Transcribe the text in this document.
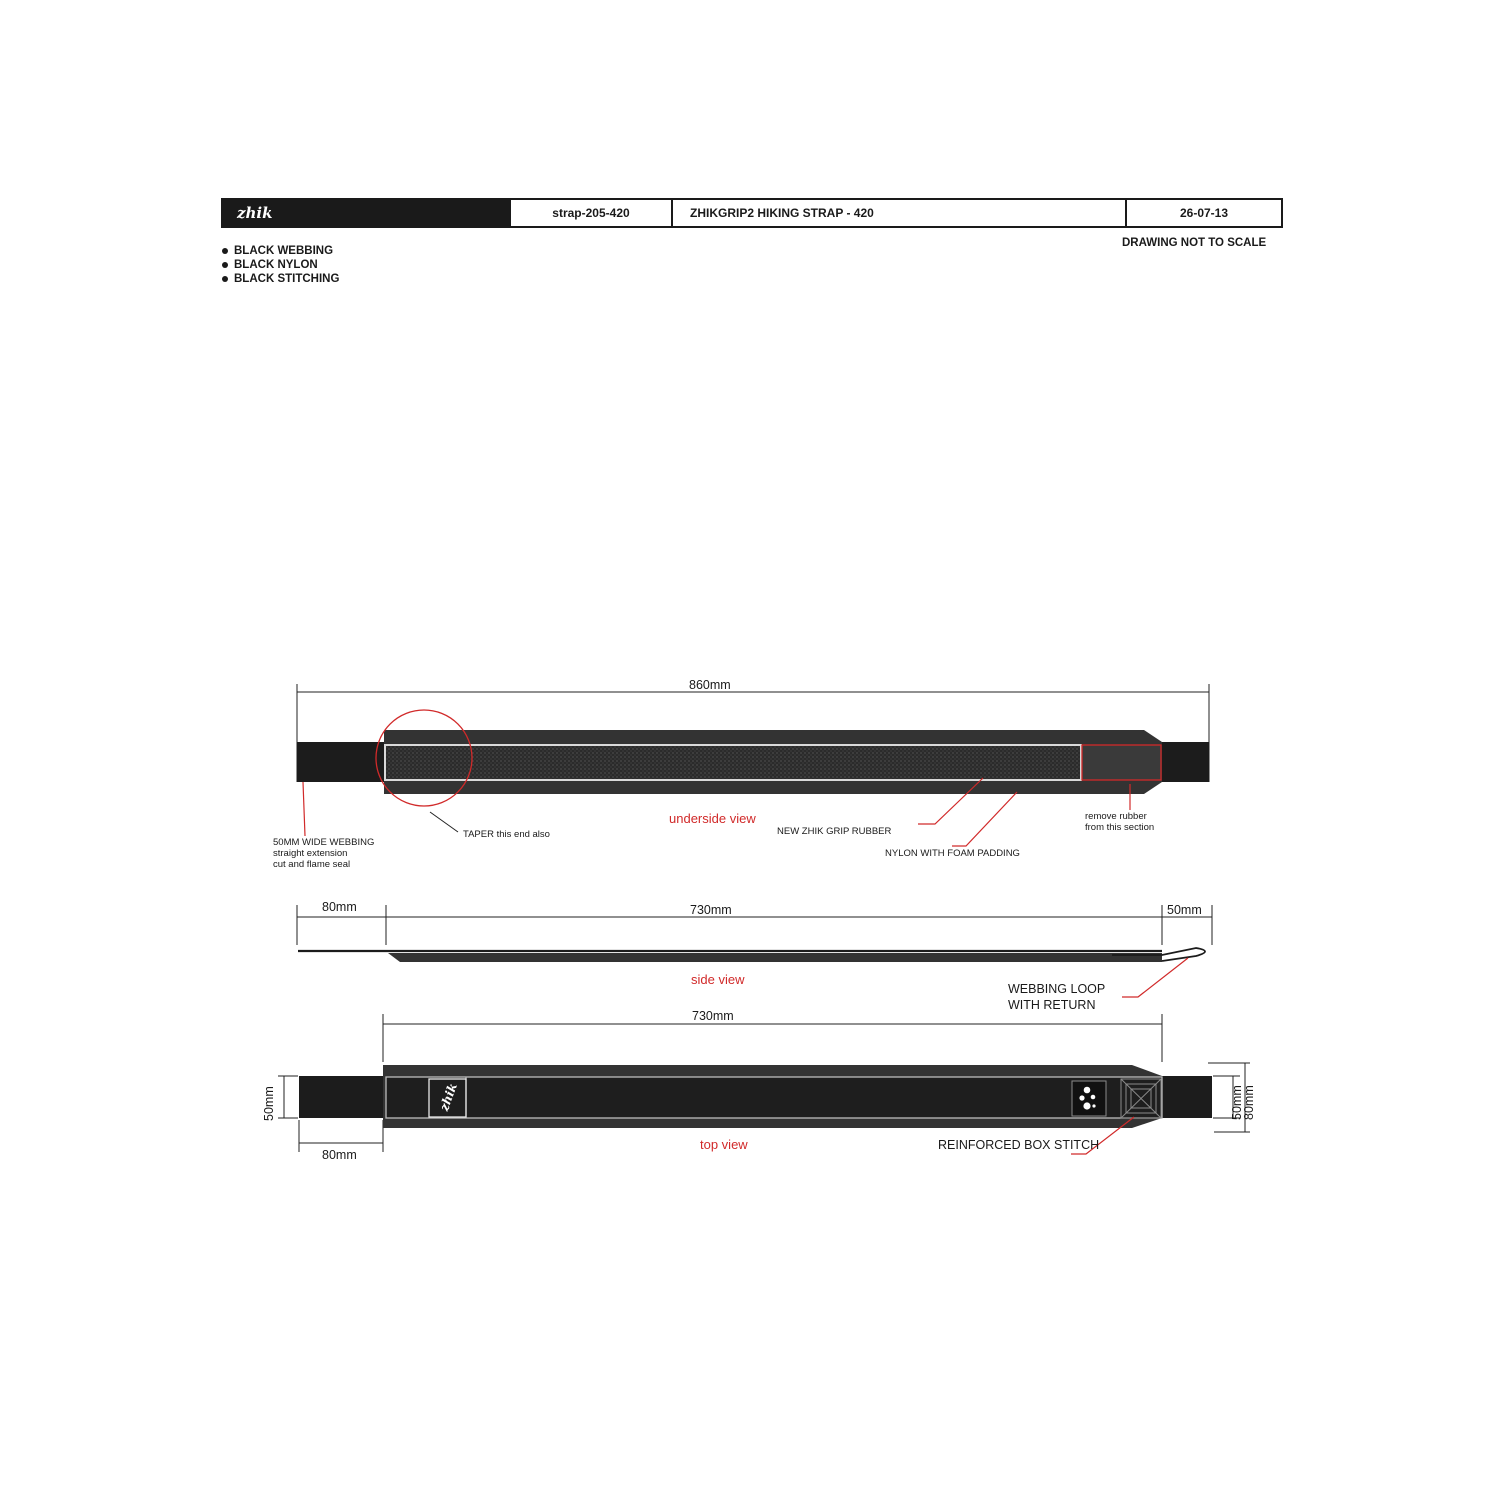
zhik	strap-205-420	ZHIKGRIP2 HIKING STRAP - 420	26-07-13
DRAWING NOT TO SCALE
BLACK WEBBING
BLACK NYLON
BLACK STITCHING
zhik
860mm
underside view
50MM WIDE WEBBING
straight extension
cut and flame seal
TAPER this end also	NEW ZHIK GRIP RUBBER
NYLON WITH FOAM PADDING
remove rubber
from this section
80mm	730mm	50mm
side view
WEBBING LOOP
WITH RETURN
730mm
80mm
50mm	50mm
80mm
top view	REINFORCED BOX STITCH
